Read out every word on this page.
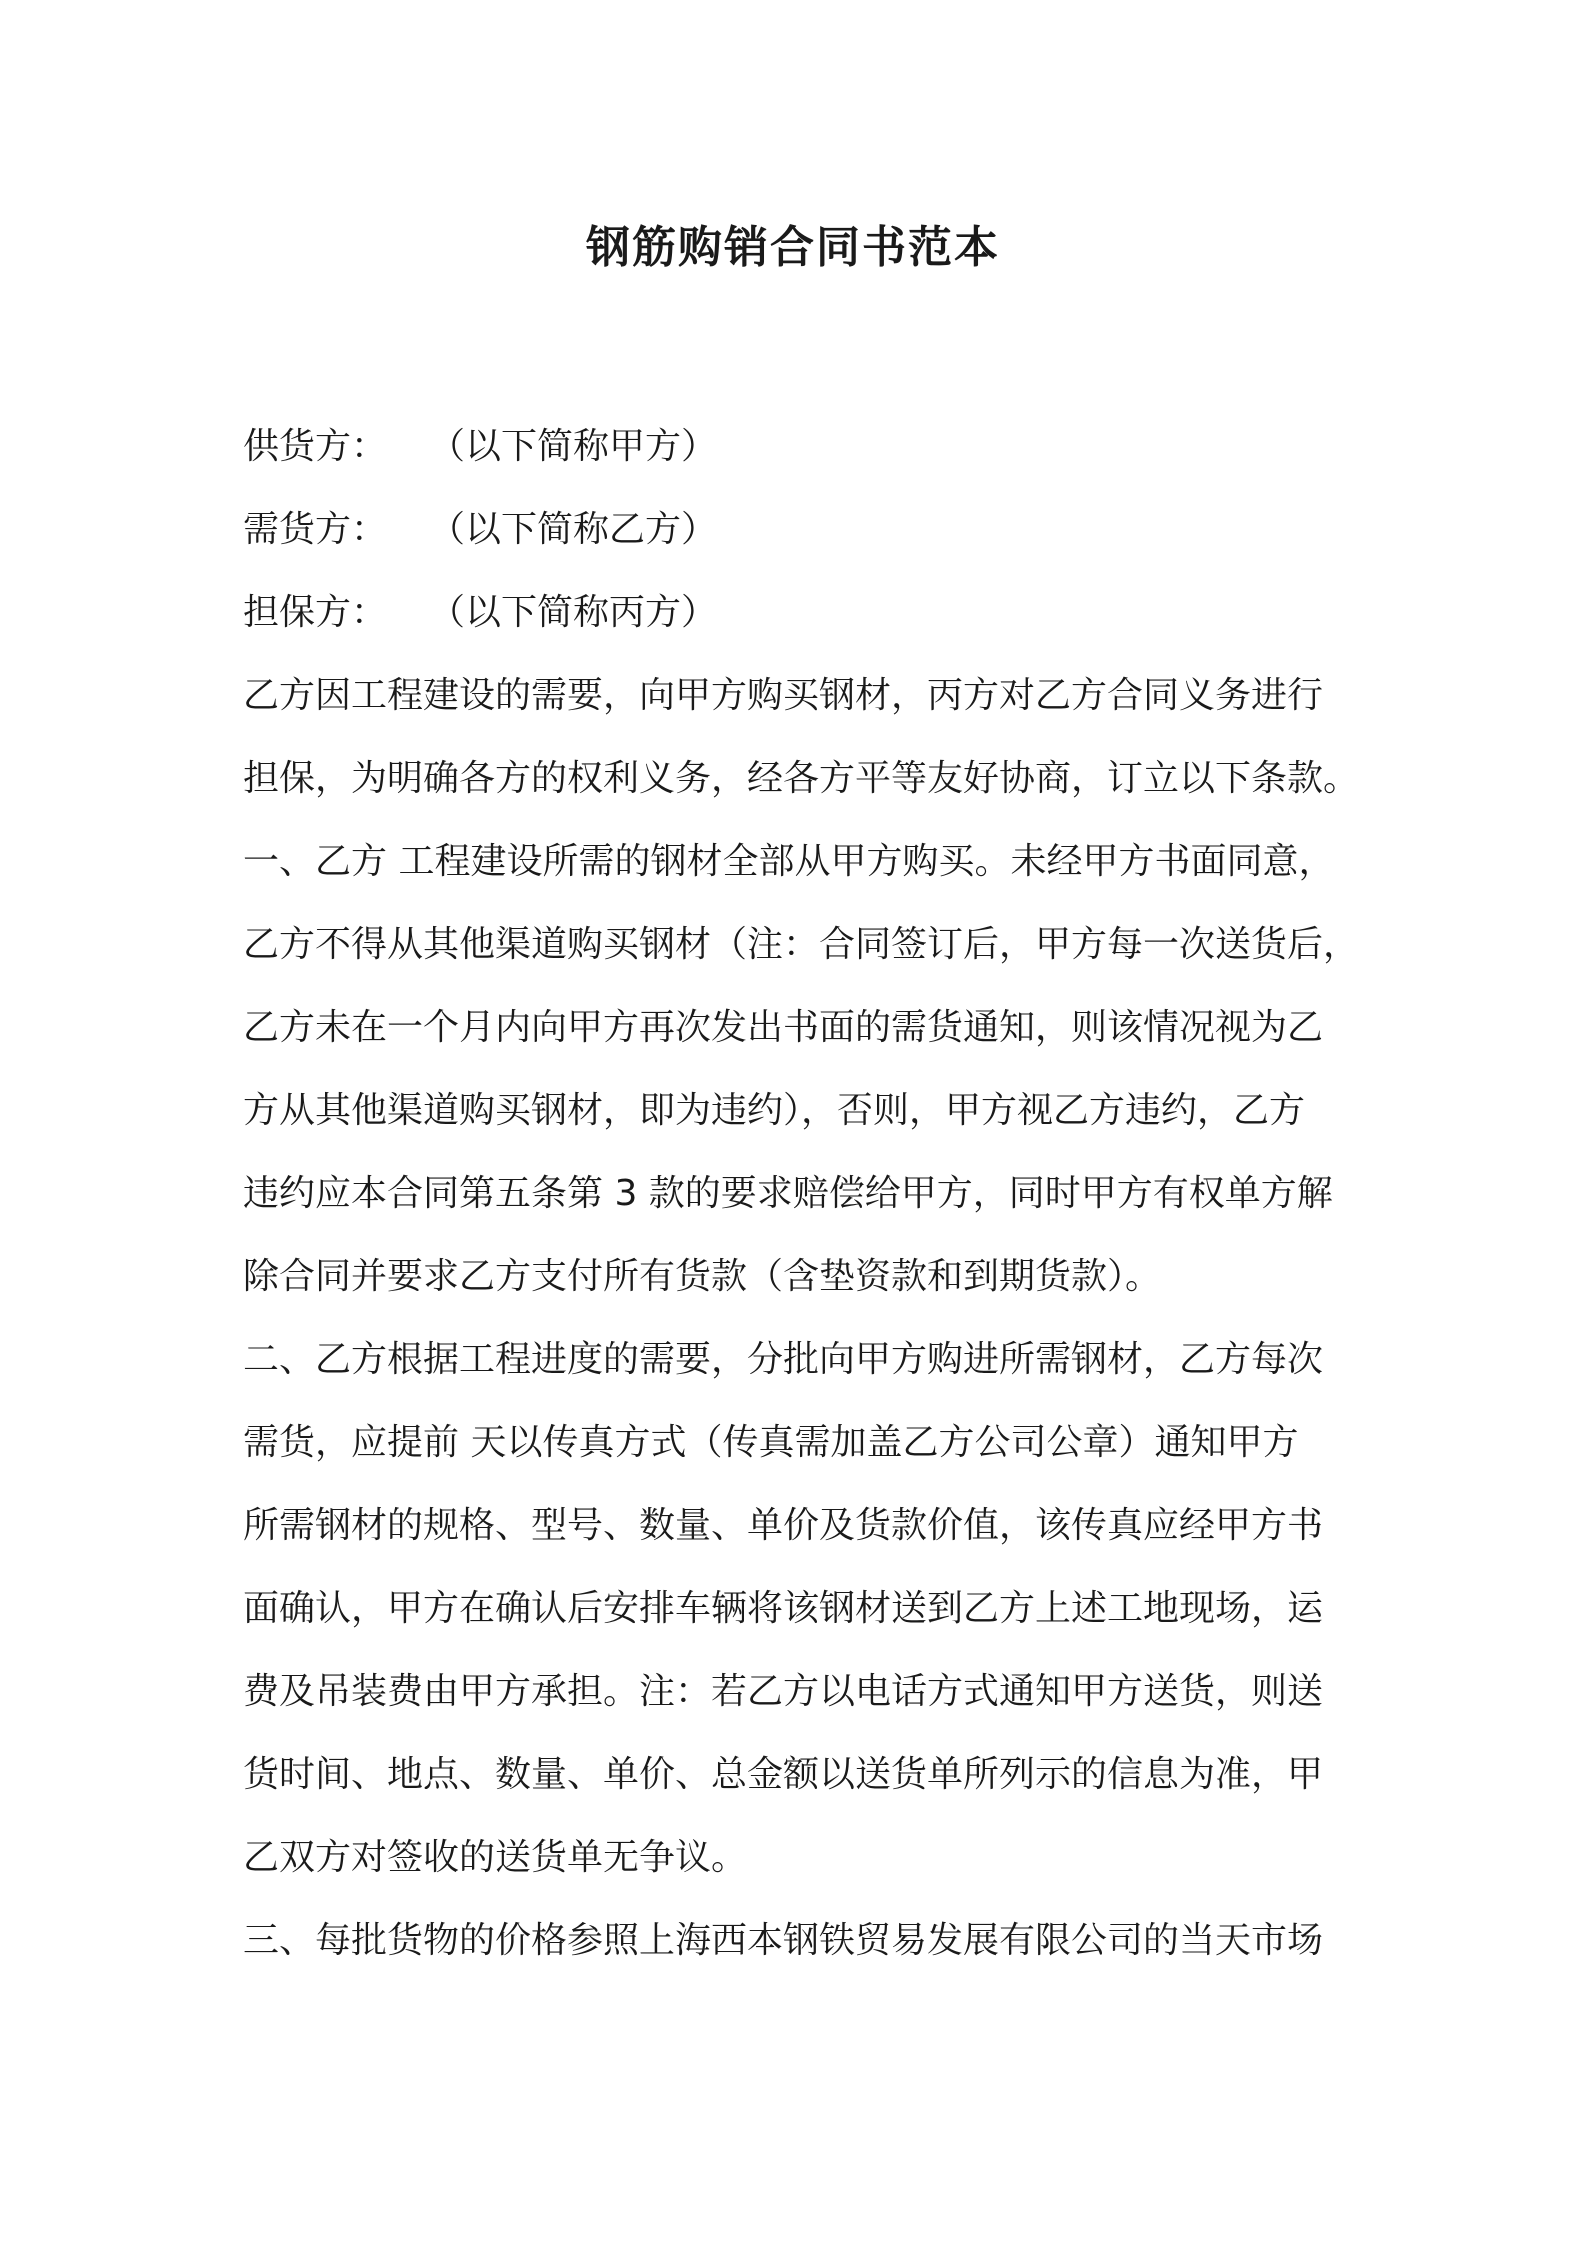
钢筋购销合同书范本
供货方： （以下简称甲方）
需货方： （以下简称乙方）
担保方： （以下简称丙方）
乙方因工程建设的需要，向甲方购买钢材，丙方对乙方合同义务进行
担保，为明确各方的权利义务，经各方平等友好协商，订立以下条款。
一、乙方 工程建设所需的钢材全部从甲方购买。未经甲方书面同意，
乙方不得从其他渠道购买钢材（注：合同签订后，甲方每一次送货后，
乙方未在一个月内向甲方再次发出书面的需货通知，则该情况视为乙
方从其他渠道购买钢材，即为违约），否则，甲方视乙方违约，乙方
违约应本合同第五条第 3 款的要求赔偿给甲方，同时甲方有权单方解
除合同并要求乙方支付所有货款（含垫资款和到期货款）。
二、乙方根据工程进度的需要，分批向甲方购进所需钢材，乙方每次
需货，应提前 天以传真方式（传真需加盖乙方公司公章）通知甲方
所需钢材的规格、型号、数量、单价及货款价值，该传真应经甲方书
面确认，甲方在确认后安排车辆将该钢材送到乙方上述工地现场，运
费及吊装费由甲方承担。注：若乙方以电话方式通知甲方送货，则送
货时间、地点、数量、单价、总金额以送货单所列示的信息为准，甲
乙双方对签收的送货单无争议。
三、每批货物的价格参照上海西本钢铁贸易发展有限公司的当天市场
